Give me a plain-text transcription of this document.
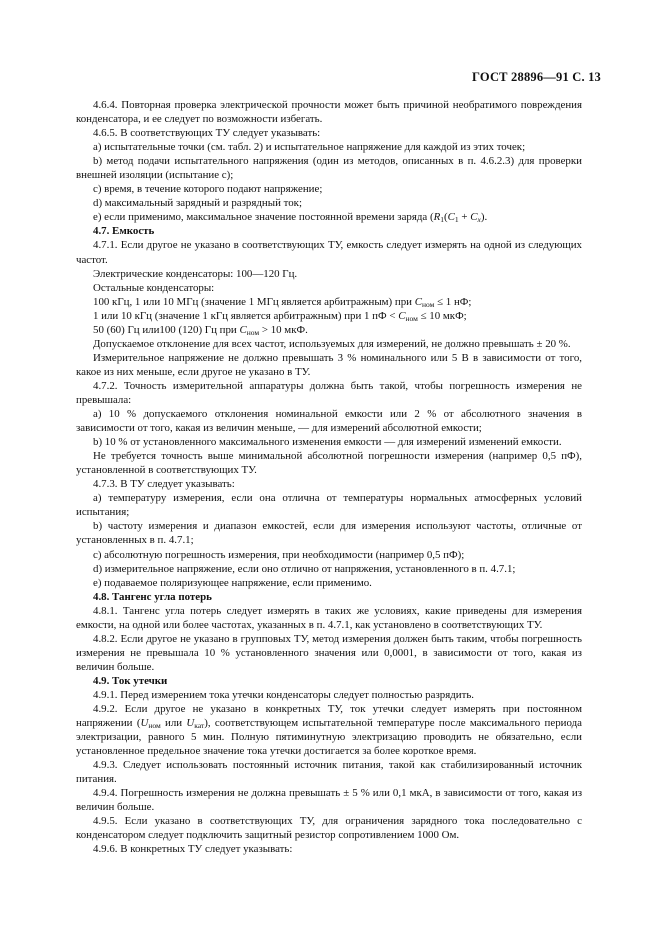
ГОСТ 28896—91 С. 13

4.6.4. Повторная проверка электрической прочности может быть причиной необратимого повреждения конденсатора, и ее следует по возможности избегать.

4.6.5. В соответствующих ТУ следует указывать:

а) испытательные точки (см. табл. 2) и испытательное напряжение для каждой из этих точек;

b) метод подачи испытательного напряжения (один из методов, описанных в п. 4.6.2.3) для проверки внешней изоляции (испытание с);

с) время, в течение которого подают напряжение;

d) максимальный зарядный и разрядный ток;

е) если применимо, максимальное значение постоянной времени заряда ($R_1(C_1 + C_x)$.

4.7. Емкость

4.7.1. Если другое не указано в соответствующих ТУ, емкость следует измерять на одной из следующих частот.

Электрические конденсаторы: 100—120 Гц.

Остальные конденсаторы:

100 кГц, 1 или 10 МГц (значение 1 МГц является арбитражным) при $C_{ном} \le 1$ нФ;

1 или 10 кГц (значение 1 кГц является арбитражным) при 1 пФ < $C_{ном} \le 10$ мкФ;

50 (60) Гц или100 (120) Гц при $C_{ном} > 10$ мкФ.

Допускаемое отклонение для всех частот, используемых для измерений, не должно превышать ± 20 %.

Измерительное напряжение не должно превышать 3 % номинального или 5 В в зависимости от того, какое из них меньше, если другое не указано в ТУ.

4.7.2. Точность измерительной аппаратуры должна быть такой, чтобы погрешность измерения не превышала:

а) 10 % допускаемого отклонения номинальной емкости или 2 % от абсолютного значения в зависимости от того, какая из величин меньше, — для измерений абсолютной емкости;

b) 10 % от установленного максимального изменения емкости — для измерений изменений емкости.

Не требуется точность выше минимальной абсолютной погрешности измерения (например 0,5 пФ), установленной в соответствующих ТУ.

4.7.3. В ТУ следует указывать:

а) температуру измерения, если она отлична от температуры нормальных атмосферных условий испытания;

b) частоту измерения и диапазон емкостей, если для измерения используют частоты, отличные от установленных в п. 4.7.1;

с) абсолютную погрешность измерения, при необходимости (например 0,5 пФ);

d) измерительное напряжение, если оно отлично от напряжения, установленного в п. 4.7.1;

е) подаваемое поляризующее напряжение, если применимо.

4.8. Тангенс угла потерь

4.8.1. Тангенс угла потерь следует измерять в таких же условиях, какие приведены для измерения емкости, на одной или более частотах, указанных в п. 4.7.1, как установлено в соответствующих ТУ.

4.8.2. Если другое не указано в групповых ТУ, метод измерения должен быть таким, чтобы погрешность измерения не превышала 10 % установленного значения или 0,0001, в зависимости от того, какая из величин больше.

4.9. Ток утечки

4.9.1. Перед измерением тока утечки конденсаторы следует полностью разрядить.

4.9.2. Если другое не указано в конкретных ТУ, ток утечки следует измерять при постоянном напряжении ($U_{ном}$ или $U_{кат}$), соответствующем испытательной температуре после максимального периода электризации, равного 5 мин. Полную пятиминутную электризацию проводить не обязательно, если установленное предельное значение тока утечки достигается за более короткое время.

4.9.3. Следует использовать постоянный источник питания, такой как стабилизированный источник питания.

4.9.4. Погрешность измерения не должна превышать ± 5 % или 0,1 мкА, в зависимости от того, какая из величин больше.

4.9.5. Если указано в соответствующих ТУ, для ограничения зарядного тока последовательно с конденсатором следует подключить защитный резистор сопротивлением 1000 Ом.

4.9.6. В конкретных ТУ следует указывать:
